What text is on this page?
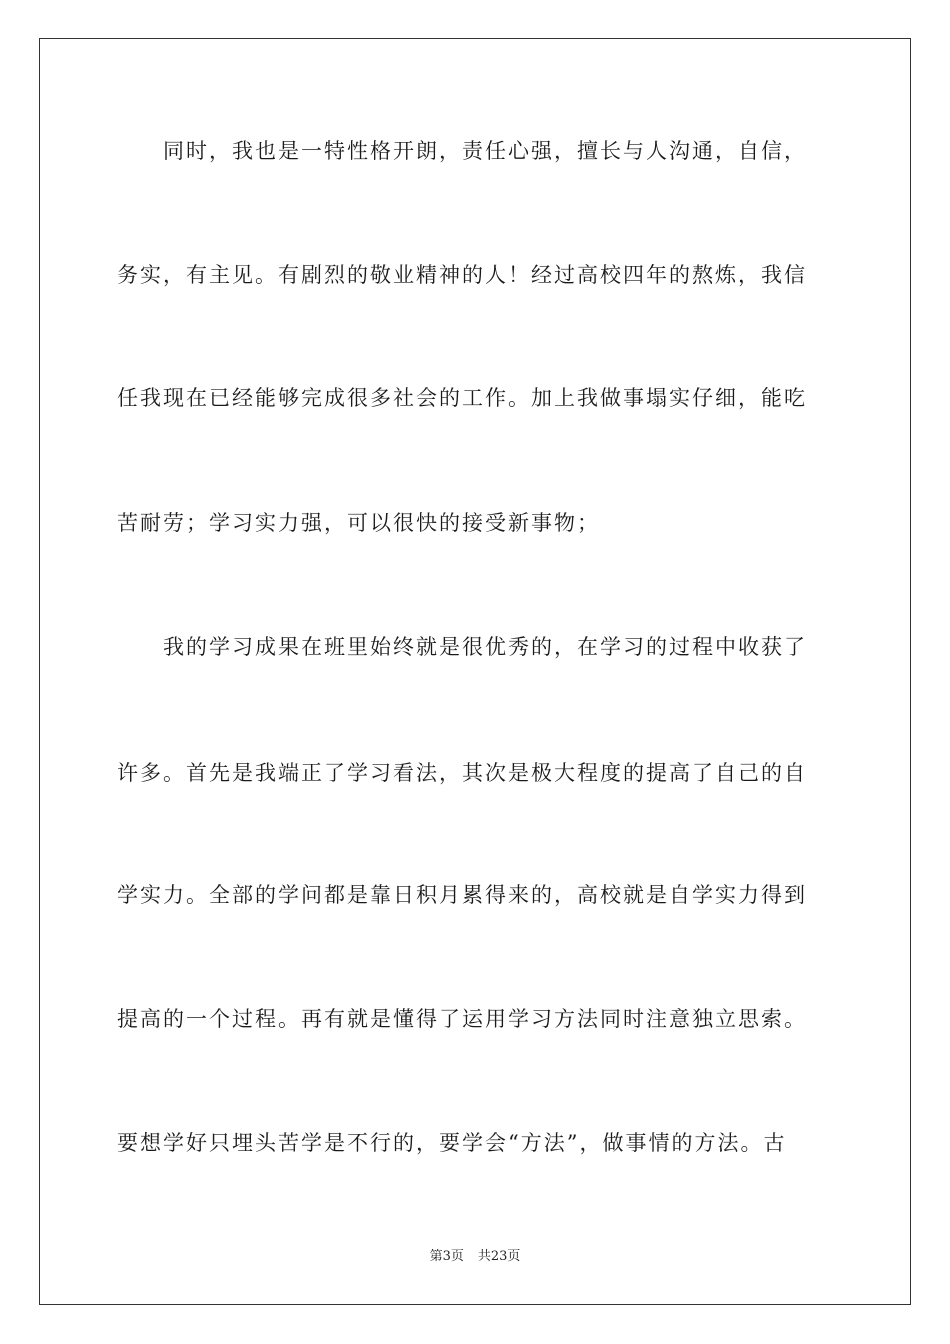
　　同时，我也是一特性格开朗，责任心强，擅长与人沟通，自信，
务实，有主见。有剧烈的敬业精神的人！经过高校四年的熬炼，我信
任我现在已经能够完成很多社会的工作。加上我做事塌实仔细，能吃
苦耐劳；学习实力强，可以很快的接受新事物；
　　我的学习成果在班里始终就是很优秀的，在学习的过程中收获了
许多。首先是我端正了学习看法，其次是极大程度的提高了自己的自
学实力。全部的学问都是靠日积月累得来的，高校就是自学实力得到
提高的一个过程。再有就是懂得了运用学习方法同时注意独立思索。
要想学好只埋头苦学是不行的，要学会“方法”，做事情的方法。古
第3页 共23页
